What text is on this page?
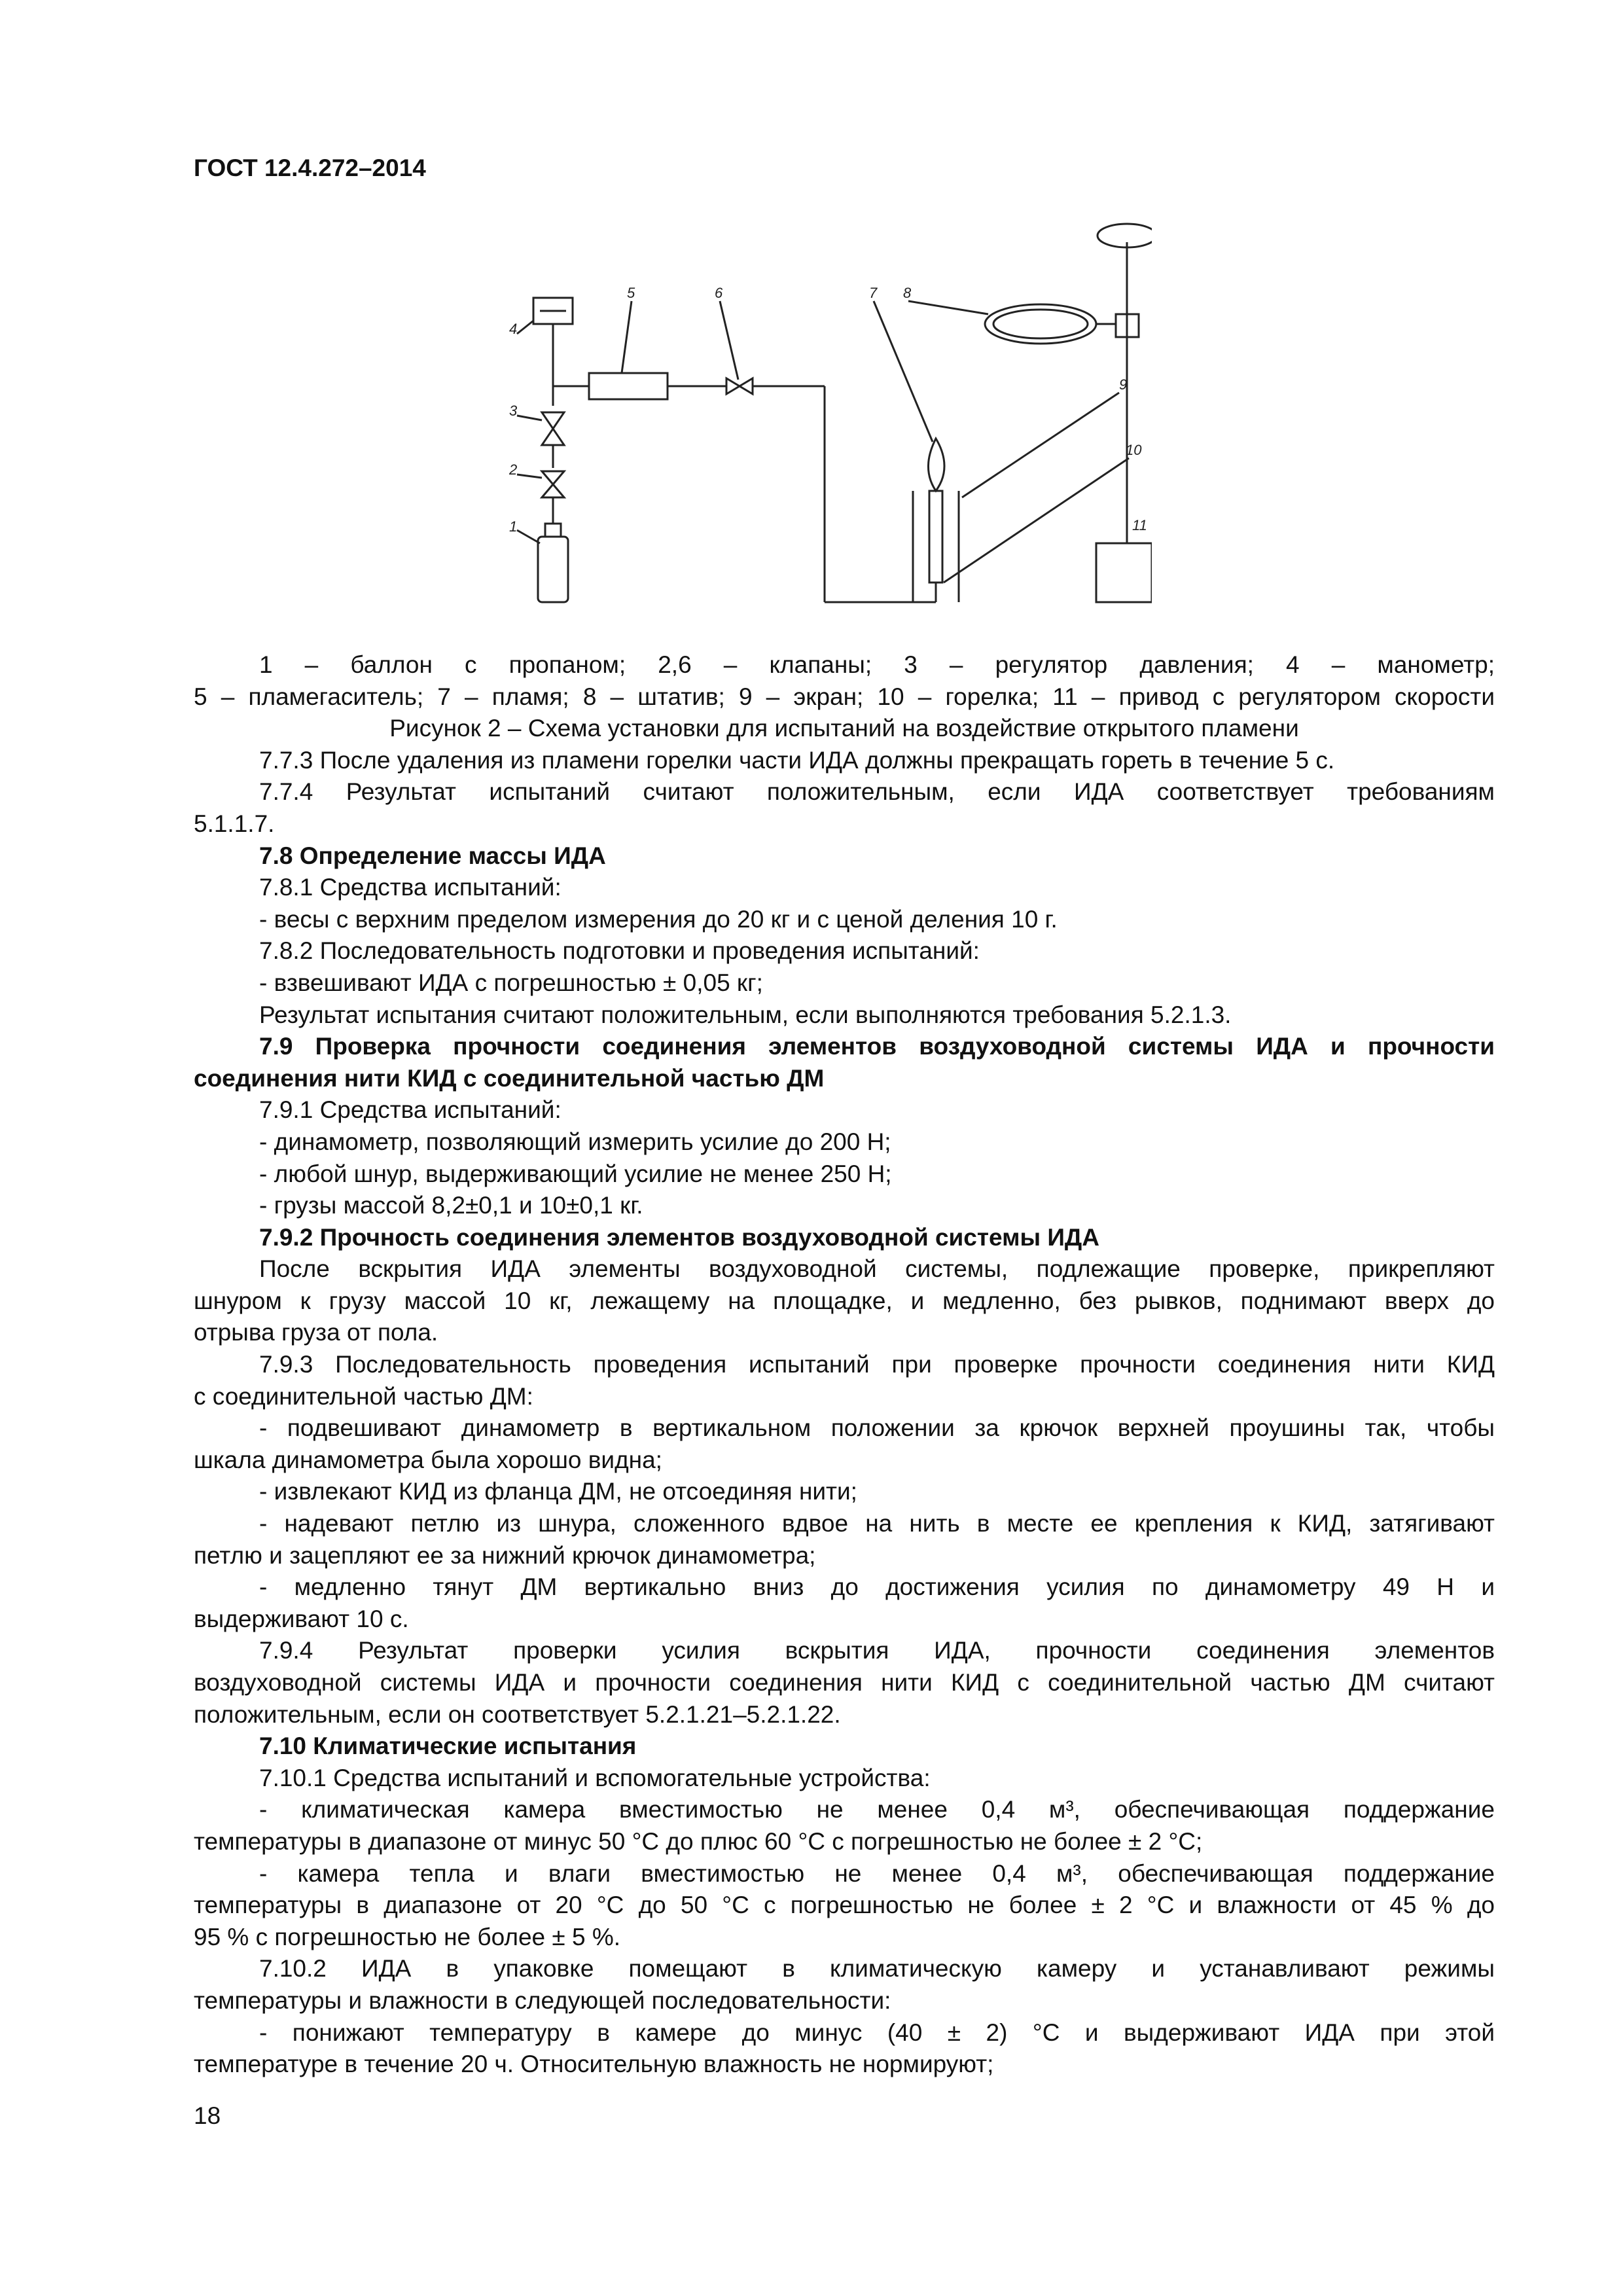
ГОСТ 12.4.272–2014
4
3
2
1
5	6	7 8
9
10
11

1 – баллон с пропаном; 2,6 – клапаны; 3 – регулятор давления; 4 – манометр;

5 – пламегаситель; 7 – пламя; 8 – штатив; 9 – экран; 10 – горелка; 11 – привод с регулятором скорости

Рисунок 2 – Схема установки для испытаний на воздействие открытого пламени

7.7.3 После удаления из пламени горелки части ИДА должны прекращать гореть в течение 5 с.

7.7.4 Результат испытаний считают положительным, если ИДА соответствует требованиям

5.1.1.7.

7.8 Определение массы ИДА

7.8.1 Средства испытаний:

- весы с верхним пределом измерения до 20 кг и с ценой деления 10 г.

7.8.2 Последовательность подготовки и проведения испытаний:

- взвешивают ИДА с погрешностью ± 0,05 кг;

Результат испытания считают положительным, если выполняются требования 5.2.1.3.

7.9 Проверка прочности соединения элементов воздуховодной системы ИДА и прочности

соединения нити КИД с соединительной частью ДМ

7.9.1 Средства испытаний:

- динамометр, позволяющий измерить усилие до 200 Н;

- любой шнур, выдерживающий усилие не менее 250 Н;

- грузы массой 8,2±0,1 и 10±0,1 кг.

7.9.2 Прочность соединения элементов воздуховодной системы ИДА

После вскрытия ИДА элементы воздуховодной системы, подлежащие проверке, прикрепляют

шнуром к грузу массой 10 кг, лежащему на площадке, и медленно, без рывков, поднимают вверх до

отрыва груза от пола.

7.9.3 Последовательность проведения испытаний при проверке прочности соединения нити КИД

с соединительной частью ДМ:

- подвешивают динамометр в вертикальном положении за крючок верхней проушины так, чтобы

шкала динамометра была хорошо видна;

- извлекают КИД из фланца ДМ, не отсоединяя нити;

- надевают петлю из шнура, сложенного вдвое на нить в месте ее крепления к КИД, затягивают

петлю и зацепляют ее за нижний крючок динамометра;

- медленно тянут ДМ вертикально вниз до достижения усилия по динамометру 49 Н и

выдерживают 10 с.

7.9.4 Результат проверки усилия вскрытия ИДА, прочности соединения элементов

воздуховодной системы ИДА и прочности соединения нити КИД с соединительной частью ДМ считают

положительным, если он соответствует 5.2.1.21–5.2.1.22.

7.10 Климатические испытания

7.10.1 Средства испытаний и вспомогательные устройства:

- климатическая камера вместимостью не менее 0,4 м³, обеспечивающая поддержание

температуры в диапазоне от минус 50 °С до плюс 60 °С с погрешностью не более ± 2 °С;

- камера тепла и влаги вместимостью не менее 0,4 м³, обеспечивающая поддержание

температуры в диапазоне от 20 °С до 50 °С с погрешностью не более ± 2 °С и влажности от 45 % до

95 % с погрешностью не более ± 5 %.

7.10.2 ИДА в упаковке помещают в климатическую камеру и устанавливают режимы

температуры и влажности в следующей последовательности:

- понижают температуру в камере до минус (40 ± 2) °С и выдерживают ИДА при этой

температуре в течение 20 ч. Относительную влажность не нормируют;

18
